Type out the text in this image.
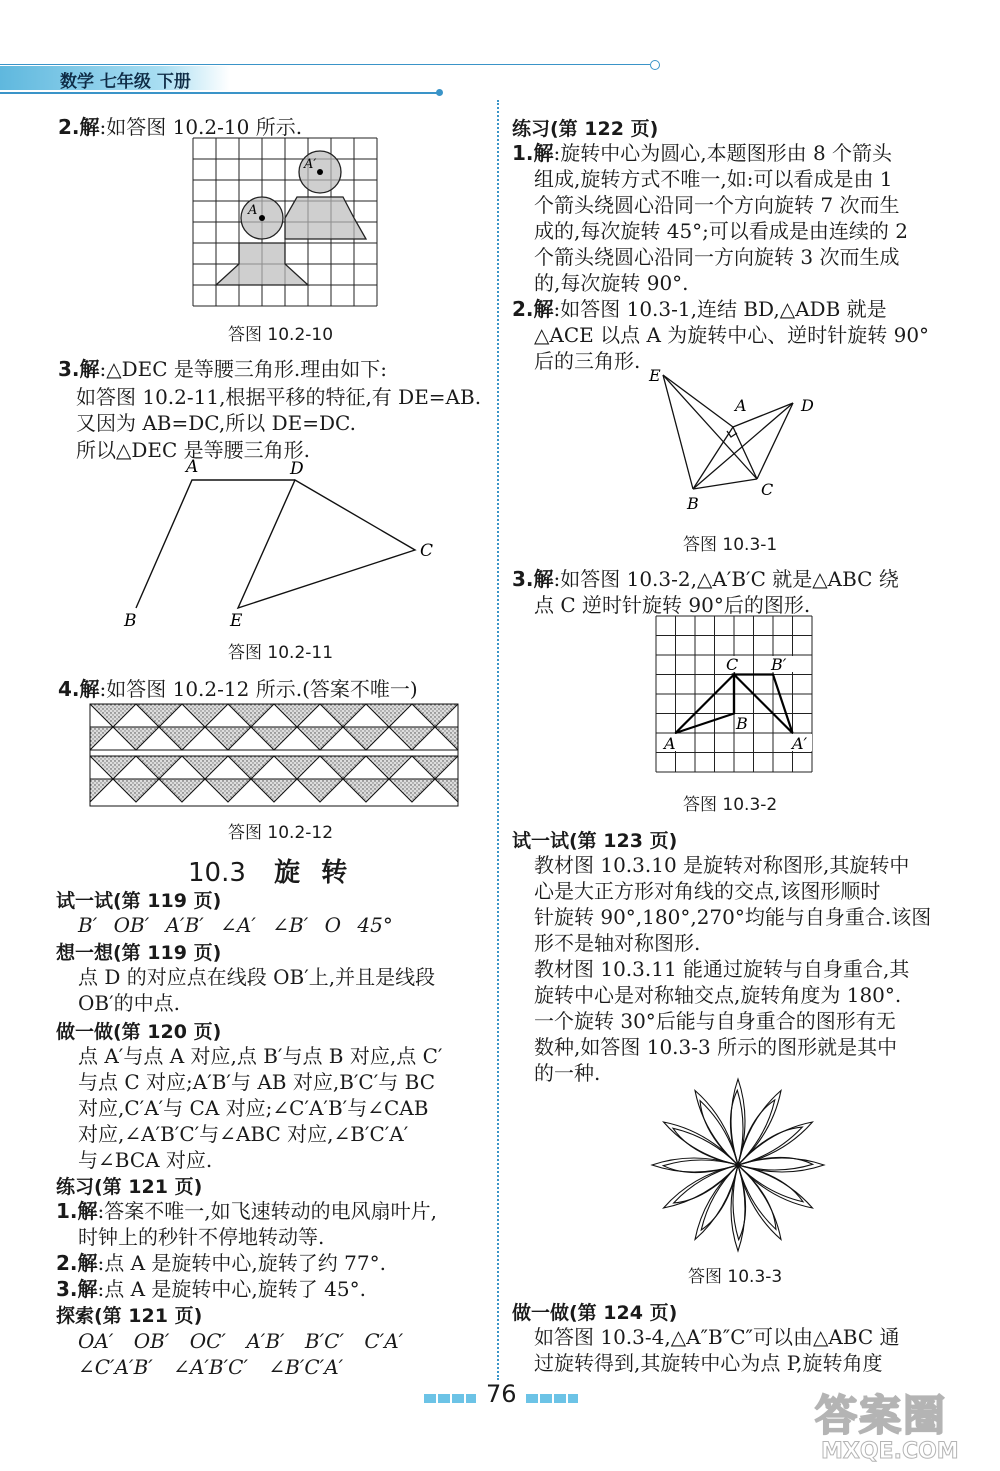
数学 七年级 下册
2.解:如答图 10.2-10 所示.
A
A′
答图 10.2-10
3.解:△DEC 是等腰三角形.理由如下:
如答图 10.2-11,根据平移的特征,有 DE=AB.
又因为 AB=DC,所以 DE=DC.
所以△DEC 是等腰三角形.
A	D
C
B	E
答图 10.2-11
4.解:如答图 10.2-12 所示.(答案不唯一)
答图 10.2-12
10.3 旋 转
试一试(第 119 页)
B′ OB′ A′B′ ∠A′ ∠B′ O 45°
想一想(第 119 页)
点 D 的对应点在线段 OB′上,并且是线段
OB′的中点.
做一做(第 120 页)
点 A′与点 A 对应,点 B′与点 B 对应,点 C′
与点 C 对应;A′B′与 AB 对应,B′C′与 BC
对应,C′A′与 CA 对应;∠C′A′B′与∠CAB
对应,∠A′B′C′与∠ABC 对应,∠B′C′A′
与∠BCA 对应.
练习(第 121 页)
1.解:答案不唯一,如飞速转动的电风扇叶片,
时钟上的秒针不停地转动等.
2.解:点 A 是旋转中心,旋转了约 77°.
3.解:点 A 是旋转中心,旋转了 45°.
探索(第 121 页)
OA′ OB′ OC′ A′B′ B′C′ C′A′
∠C′A′B′ ∠A′B′C′ ∠B′C′A′
练习(第 122 页)
1.解:旋转中心为圆心,本题图形由 8 个箭头
组成,旋转方式不唯一,如:可以看成是由 1
个箭头绕圆心沿同一个方向旋转 7 次而生
成的,每次旋转 45°;可以看成是由连续的 2
个箭头绕圆心沿同一方向旋转 3 次而生成
的,每次旋转 90°.
2.解:如答图 10.3-1,连结 BD,△ADB 就是
△ACE 以点 A 为旋转中心、逆时针旋转 90°
后的三角形.
E
A	D
B
C
答图 10.3-1
3.解:如答图 10.3-2,△A′B′C 就是△ABC 绕
点 C 逆时针旋转 90°后的图形.
C B′
B
A	A′
答图 10.3-2
试一试(第 123 页)
教材图 10.3.10 是旋转对称图形,其旋转中
心是大正方形对角线的交点,该图形顺时
针旋转 90°,180°,270°均能与自身重合.该图
形不是轴对称图形.
教材图 10.3.11 能通过旋转与自身重合,其
旋转中心是对称轴交点,旋转角度为 180°.
一个旋转 30°后能与自身重合的图形有无
数种,如答图 10.3-3 所示的图形就是其中
的一种.
答图 10.3-3
做一做(第 124 页)
如答图 10.3-4,△A″B″C″可以由△ABC 通
过旋转得到,其旋转中心为点 P,旋转角度
76	答案圈
MXQE.COM
